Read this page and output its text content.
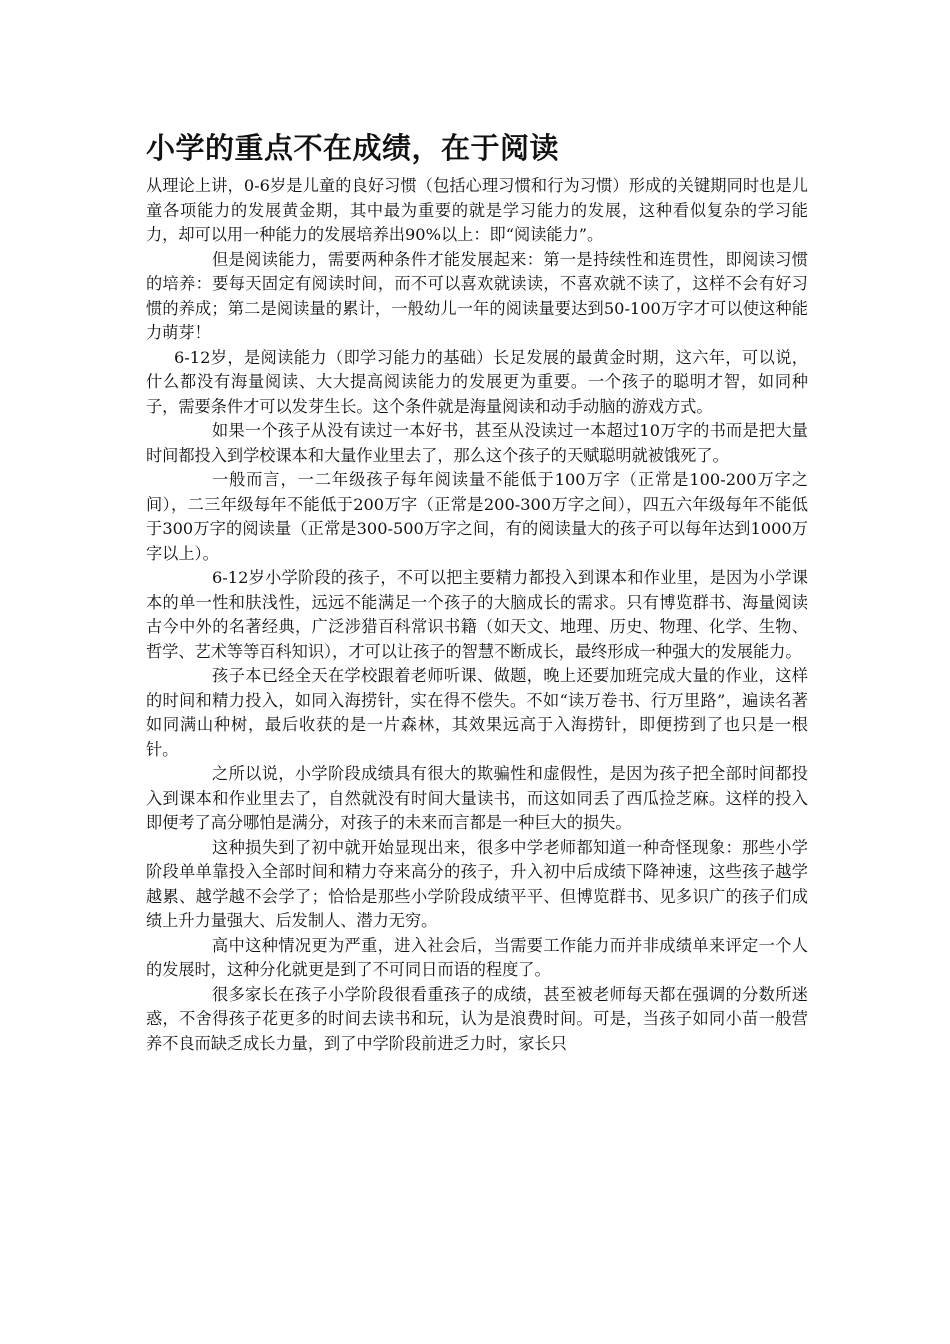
小学的重点不在成绩，在于阅读

从理论上讲，0-6岁是儿童的良好习惯（包括心理习惯和行为习惯）形成的关键期同时也是儿童各项能力的发展黄金期，其中最为重要的就是学习能力的发展，这种看似复杂的学习能力，却可以用一种能力的发展培养出90%以上：即“阅读能力”。

但是阅读能力，需要两种条件才能发展起来：第一是持续性和连贯性，即阅读习惯的培养：要每天固定有阅读时间，而不可以喜欢就读读，不喜欢就不读了，这样不会有好习惯的养成；第二是阅读量的累计，一般幼儿一年的阅读量要达到50-100万字才可以使这种能力萌芽！

6-12岁，是阅读能力（即学习能力的基础）长足发展的最黄金时期，这六年，可以说，什么都没有海量阅读、大大提高阅读能力的发展更为重要。一个孩子的聪明才智，如同种子，需要条件才可以发芽生长。这个条件就是海量阅读和动手动脑的游戏方式。

如果一个孩子从没有读过一本好书，甚至从没读过一本超过10万字的书而是把大量时间都投入到学校课本和大量作业里去了，那么这个孩子的天赋聪明就被饿死了。

一般而言，一二年级孩子每年阅读量不能低于100万字（正常是100-200万字之间），二三年级每年不能低于200万字（正常是200-300万字之间），四五六年级每年不能低于300万字的阅读量（正常是300-500万字之间，有的阅读量大的孩子可以每年达到1000万字以上）。

6-12岁小学阶段的孩子，不可以把主要精力都投入到课本和作业里，是因为小学课本的单一性和肤浅性，远远不能满足一个孩子的大脑成长的需求。只有博览群书、海量阅读古今中外的名著经典，广泛涉猎百科常识书籍（如天文、地理、历史、物理、化学、生物、哲学、艺术等等百科知识），才可以让孩子的智慧不断成长，最终形成一种强大的发展能力。

孩子本已经全天在学校跟着老师听课、做题，晚上还要加班完成大量的作业，这样的时间和精力投入，如同入海捞针，实在得不偿失。不如“读万卷书、行万里路”，遍读名著如同满山种树，最后收获的是一片森林，其效果远高于入海捞针，即便捞到了也只是一根针。

之所以说，小学阶段成绩具有很大的欺骗性和虚假性，是因为孩子把全部时间都投入到课本和作业里去了，自然就没有时间大量读书，而这如同丢了西瓜捡芝麻。这样的投入即便考了高分哪怕是满分，对孩子的未来而言都是一种巨大的损失。

这种损失到了初中就开始显现出来，很多中学老师都知道一种奇怪现象：那些小学阶段单单靠投入全部时间和精力夺来高分的孩子，升入初中后成绩下降神速，这些孩子越学越累、越学越不会学了；恰恰是那些小学阶段成绩平平、但博览群书、见多识广的孩子们成绩上升力量强大、后发制人、潜力无穷。

高中这种情况更为严重，进入社会后，当需要工作能力而并非成绩单来评定一个人的发展时，这种分化就更是到了不可同日而语的程度了。

很多家长在孩子小学阶段很看重孩子的成绩，甚至被老师每天都在强调的分数所迷惑，不舍得孩子花更多的时间去读书和玩，认为是浪费时间。可是，当孩子如同小苗一般营养不良而缺乏成长力量，到了中学阶段前进乏力时，家长只
